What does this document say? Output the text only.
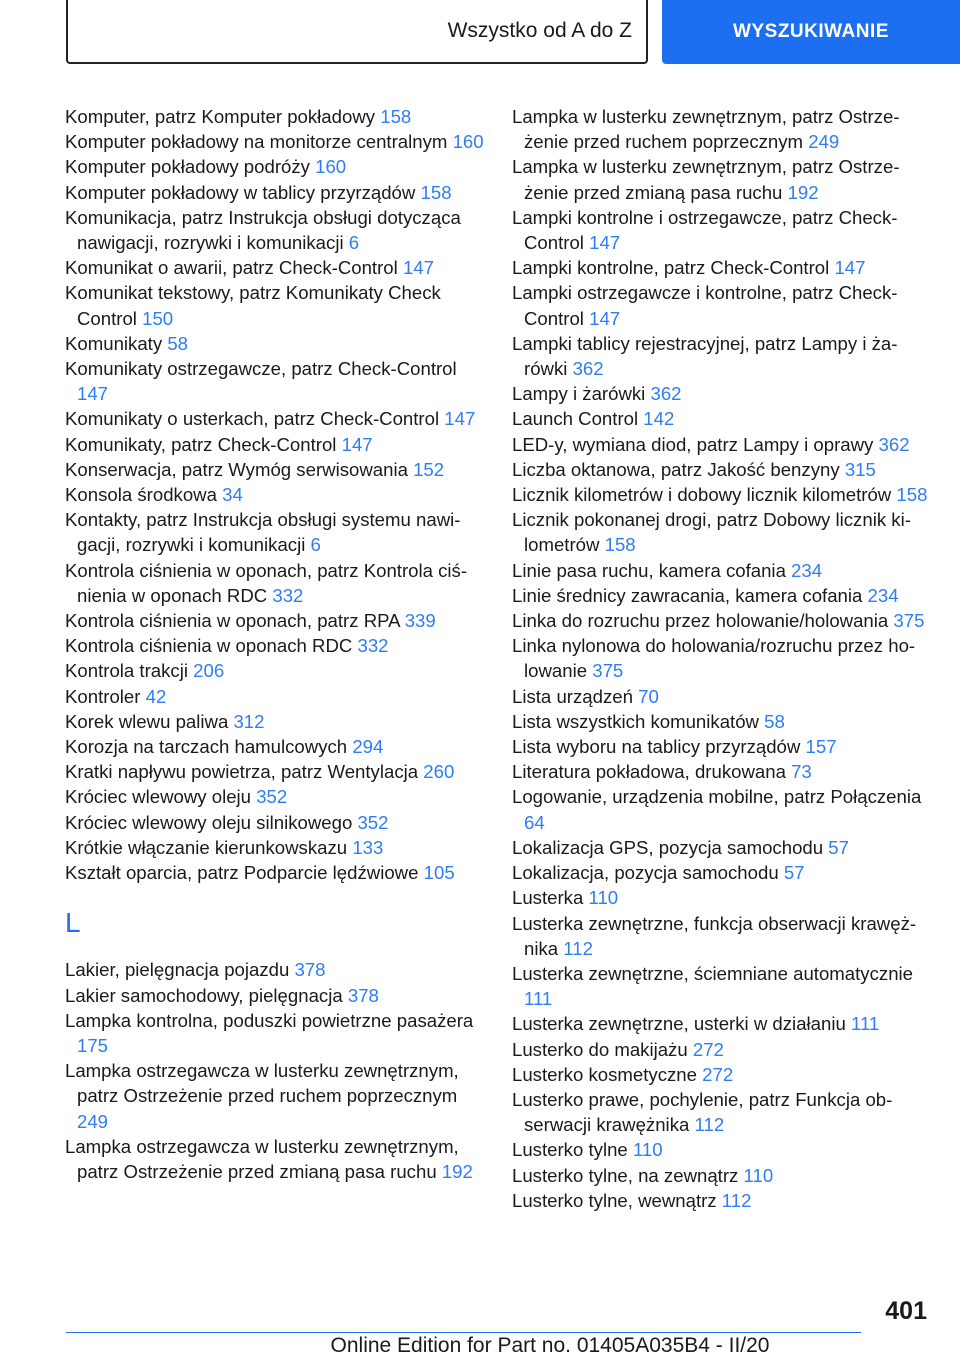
Wszystko od A do Z	WYSZUKIWANIE

Komputer, patrz Komputer pokładowy 158

Komputer pokładowy na monitorze centralnym 160

Komputer pokładowy podróży 160

Komputer pokładowy w tablicy przyrządów 158

Komunikacja, patrz Instrukcja obsługi dotycząca nawigacji, rozrywki i komunikacji 6

Komunikat o awarii, patrz Check-Control 147

Komunikat tekstowy, patrz Komunikaty Check Control 150

Komunikaty 58

Komunikaty ostrzegawcze, patrz Check-Control 147

Komunikaty o usterkach, patrz Check-Control 147

Komunikaty, patrz Check-Control 147

Konserwacja, patrz Wymóg serwisowania 152

Konsola środkowa 34

Kontakty, patrz Instrukcja obsługi systemu nawigacji, rozrywki i komunikacji 6

Kontrola ciśnienia w oponach, patrz Kontrola ciśnienia w oponach RDC 332

Kontrola ciśnienia w oponach, patrz RPA 339

Kontrola ciśnienia w oponach RDC 332

Kontrola trakcji 206

Kontroler 42

Korek wlewu paliwa 312

Korozja na tarczach hamulcowych 294

Kratki napływu powietrza, patrz Wentylacja 260

Króciec wlewowy oleju 352

Króciec wlewowy oleju silnikowego 352

Krótkie włączanie kierunkowskazu 133

Kształt oparcia, patrz Podparcie lędźwiowe 105

L

Lakier, pielęgnacja pojazdu 378

Lakier samochodowy, pielęgnacja 378

Lampka kontrolna, poduszki powietrzne pasażera 175

Lampka ostrzegawcza w lusterku zewnętrznym, patrz Ostrzeżenie przed ruchem poprzecznym 249

Lampka ostrzegawcza w lusterku zewnętrznym, patrz Ostrzeżenie przed zmianą pasa ruchu 192

Lampka w lusterku zewnętrznym, patrz Ostrzeżenie przed ruchem poprzecznym 249

Lampka w lusterku zewnętrznym, patrz Ostrzeżenie przed zmianą pasa ruchu 192

Lampki kontrolne i ostrzegawcze, patrz Check-Control 147

Lampki kontrolne, patrz Check-Control 147

Lampki ostrzegawcze i kontrolne, patrz Check-Control 147

Lampki tablicy rejestracyjnej, patrz Lampy i żarówki 362

Lampy i żarówki 362

Launch Control 142

LED-y, wymiana diod, patrz Lampy i oprawy 362

Liczba oktanowa, patrz Jakość benzyny 315

Licznik kilometrów i dobowy licznik kilometrów 158

Licznik pokonanej drogi, patrz Dobowy licznik kilometrów 158

Linie pasa ruchu, kamera cofania 234

Linie średnicy zawracania, kamera cofania 234

Linka do rozruchu przez holowanie/holowania 375

Linka nylonowa do holowania/rozruchu przez holowanie 375

Lista urządzeń 70

Lista wszystkich komunikatów 58

Lista wyboru na tablicy przyrządów 157

Literatura pokładowa, drukowana 73

Logowanie, urządzenia mobilne, patrz Połączenia 64

Lokalizacja GPS, pozycja samochodu 57

Lokalizacja, pozycja samochodu 57

Lusterka 110

Lusterka zewnętrzne, funkcja obserwacji krawężnika 112

Lusterka zewnętrzne, ściemniane automatycznie 111

Lusterka zewnętrzne, usterki w działaniu 111

Lusterko do makijażu 272

Lusterko kosmetyczne 272

Lusterko prawe, pochylenie, patrz Funkcja obserwacji krawężnika 112

Lusterko tylne 110

Lusterko tylne, na zewnątrz 110

Lusterko tylne, wewnątrz 112

401
Online Edition for Part no. 01405A035B4 - II/20
